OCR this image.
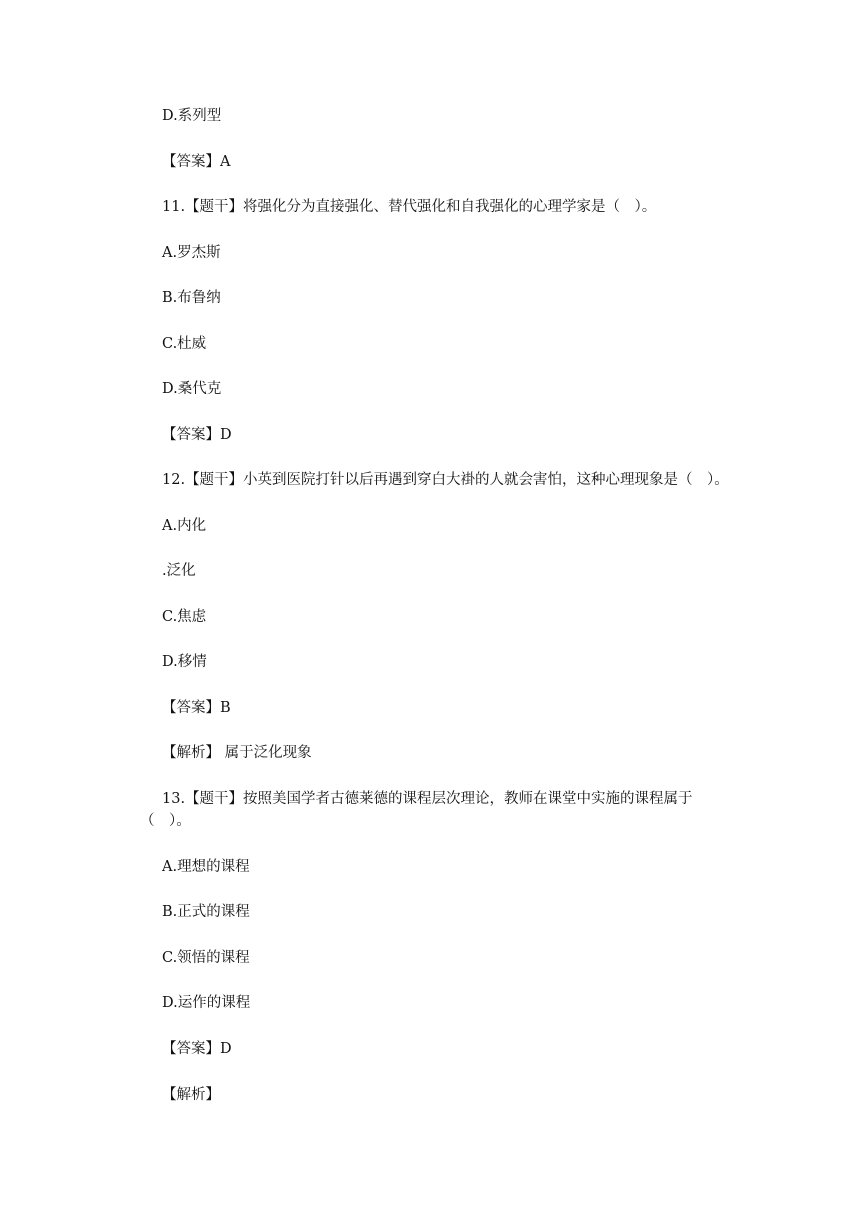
D.系列型
【答案】A
11.【题干】将强化分为直接强化、替代强化和自我强化的心理学家是（　）。
A.罗杰斯
B.布鲁纳
C.杜威
D.桑代克
【答案】D
12.【题干】小英到医院打针以后再遇到穿白大褂的人就会害怕，这种心理现象是（　）。
A.内化
.泛化
C.焦虑
D.移情
【答案】B
【解析】 属于泛化现象
13.【题干】按照美国学者古德莱德的课程层次理论，教师在课堂中实施的课程属于
（　）。
A.理想的课程
B.正式的课程
C.领悟的课程
D.运作的课程
【答案】D
【解析】
